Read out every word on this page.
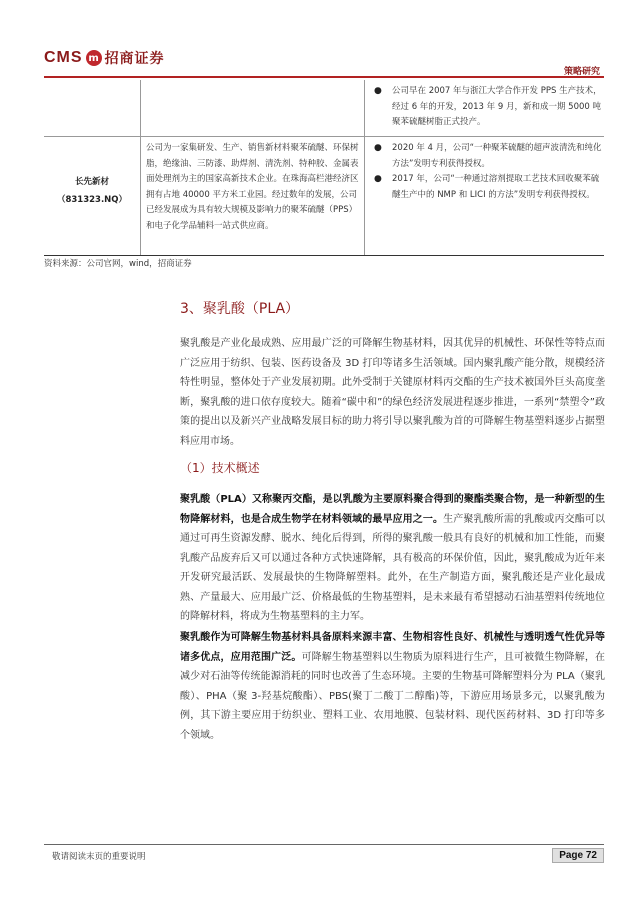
CMS m 招商证券
策略研究
● 公司早在 2007 年与浙江大学合作开发 PPS 生产技术，经过 6 年的开发，2013 年 9 月，新和成一期 5000 吨聚苯硫醚树脂正式投产。
长先新材
（831323.NQ）
公司为一家集研发、生产、销售新材料聚苯硫醚、环保树脂，绝缘油、三防漆、助焊剂、清洗剂、特种胶、金属表面处理剂为主的国家高新技术企业。在珠海高栏港经济区拥有占地 40000 平方米工业园。经过数年的发展，公司已经发展成为具有较大规模及影响力的聚苯硫醚（PPS）和电子化学品辅料一站式供应商。
● 2020 年 4 月，公司“一种聚苯硫醚的超声波清洗和纯化方法”发明专利获得授权。
● 2017 年，公司“一种通过溶剂提取工艺技术回收聚苯硫醚生产中的 NMP 和 LICI 的方法”发明专利获得授权。
资料来源：公司官网，wind，招商证券
3、聚乳酸（PLA）
聚乳酸是产业化最成熟、应用最广泛的可降解生物基材料，因其优异的机械性、环保性等特点而广泛应用于纺织、包装、医药设备及 3D 打印等诸多生活领域。国内聚乳酸产能分散，规模经济特性明显，整体处于产业发展初期。此外受制于关键原材料丙交酯的生产技术被国外巨头高度垄断，聚乳酸的进口依存度较大。随着“碳中和”的绿色经济发展进程逐步推进，一系列“禁塑令”政策的提出以及新兴产业战略发展目标的助力将引导以聚乳酸为首的可降解生物基塑料逐步占据塑料应用市场。
（1）技术概述
聚乳酸（PLA）又称聚丙交酯，是以乳酸为主要原料聚合得到的聚酯类聚合物，是一种新型的生物降解材料，也是合成生物学在材料领域的最早应用之一。生产聚乳酸所需的乳酸或丙交酯可以通过可再生资源发酵、脱水、纯化后得到，所得的聚乳酸一般具有良好的机械和加工性能，而聚乳酸产品废弃后又可以通过各种方式快速降解，具有极高的环保价值，因此，聚乳酸成为近年来开发研究最活跃、发展最快的生物降解塑料。此外，在生产制造方面，聚乳酸还是产业化最成熟、产量最大、应用最广泛、价格最低的生物基塑料，是未来最有希望撼动石油基塑料传统地位的降解材料，将成为生物基塑料的主力军。
聚乳酸作为可降解生物基材料具备原料来源丰富、生物相容性良好、机械性与透明透气性优异等诸多优点，应用范围广泛。可降解生物基塑料以生物质为原料进行生产，且可被微生物降解，在减少对石油等传统能源消耗的同时也改善了生态环境。主要的生物基可降解塑料分为 PLA（聚乳酸）、PHA（聚 3-羟基烷酸酯）、PBS(聚丁二酸丁二醇酯)等，下游应用场景多元，以聚乳酸为例，其下游主要应用于纺织业、塑料工业、农用地膜、包装材料、现代医药材料、3D 打印等多个领域。
敬请阅读末页的重要说明	Page 72
